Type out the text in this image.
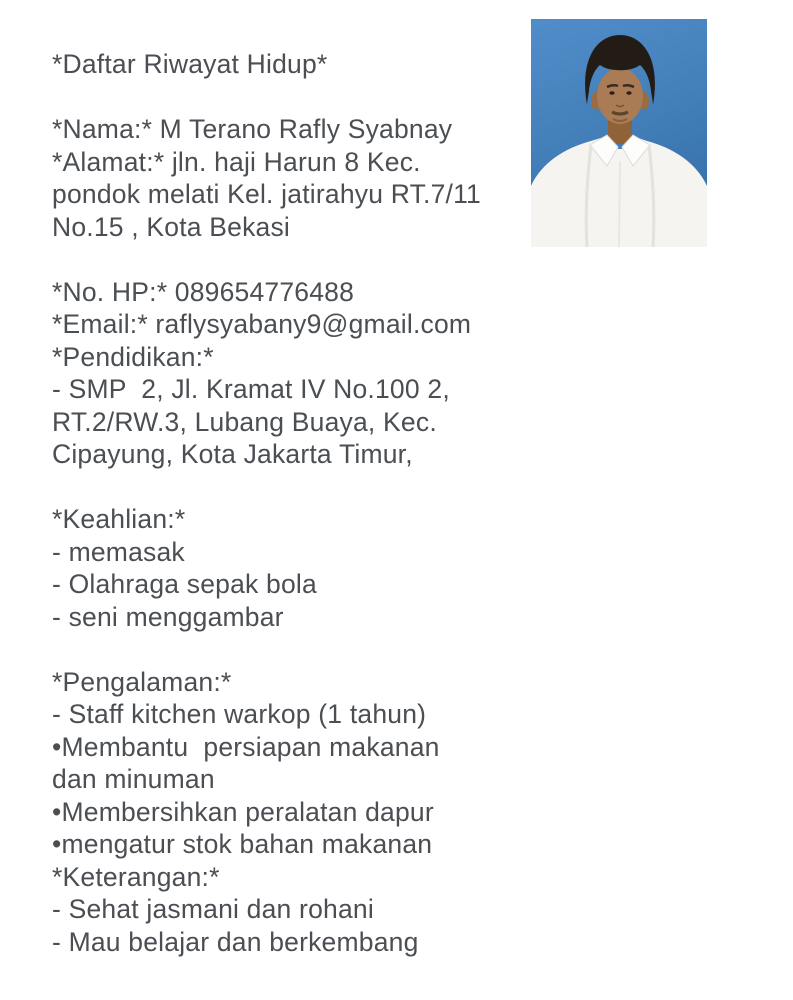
*Daftar Riwayat Hidup*
*Nama:* M Terano Rafly Syabnay
*Alamat:* jln. haji Harun 8 Kec.
pondok melati Kel. jatirahyu RT.7/11
No.15 , Kota Bekasi
*No. HP:* 089654776488
*Email:* raflysyabany9@gmail.com
*Pendidikan:*
- SMP  2, Jl. Kramat IV No.100 2,
RT.2/RW.3, Lubang Buaya, Kec.
Cipayung, Kota Jakarta Timur,
*Keahlian:*
- memasak
- Olahraga sepak bola
- seni menggambar
*Pengalaman:*
- Staff kitchen warkop (1 tahun)
•Membantu  persiapan makanan
dan minuman
•Membersihkan peralatan dapur
•mengatur stok bahan makanan
*Keterangan:*
- Sehat jasmani dan rohani
- Mau belajar dan berkembang
